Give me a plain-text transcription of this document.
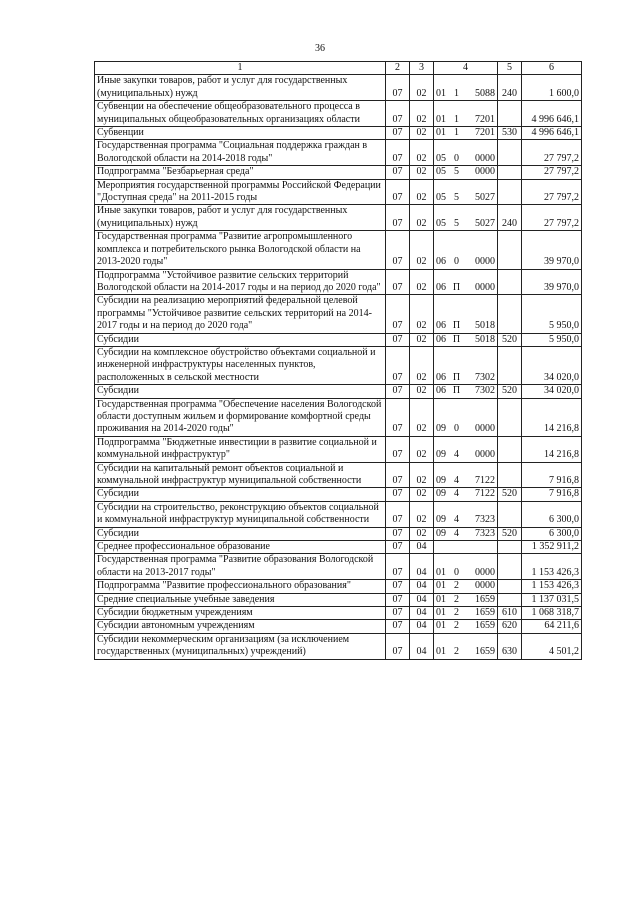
36
1	2	3	4	5	6
Иные закупки товаров, работ и услуг для государственных (муниципальных) нужд	07	02	01 1 5088	240	1 600,0
Субвенции на обеспечение общеобразовательного процесса в муниципальных общеобразовательных организациях области	07	02	01 1 7201		4 996 646,1
Субвенции	07	02	01 1 7201	530	4 996 646,1
Государственная программа "Социальная поддержка граждан в Вологодской области на 2014-2018 годы"	07	02	05 0 0000		27 797,2
Подпрограмма "Безбарьерная среда"	07	02	05 5 0000		27 797,2
Мероприятия государственной программы Российской Федерации "Доступная среда" на 2011-2015 годы	07	02	05 5 5027		27 797,2
Иные закупки товаров, работ и услуг для государственных (муниципальных) нужд	07	02	05 5 5027	240	27 797,2
Государственная программа "Развитие агропромышленного комплекса и потребительского рынка Вологодской области на 2013-2020 годы"	07	02	06 0 0000		39 970,0
Подпрограмма "Устойчивое развитие сельских территорий Вологодской области на 2014-2017 годы и на период до 2020 года"	07	02	06 П 0000		39 970,0
Субсидии на реализацию мероприятий федеральной целевой программы "Устойчивое развитие сельских территорий на 2014-2017 годы и на период до 2020 года"	07	02	06 П 5018		5 950,0
Субсидии	07	02	06 П 5018	520	5 950,0
Субсидии на комплексное обустройство объектами социальной и инженерной инфраструктуры населенных пунктов, расположенных в сельской местности	07	02	06 П 7302		34 020,0
Субсидии	07	02	06 П 7302	520	34 020,0
Государственная программа "Обеспечение населения Вологодской области доступным жильем и формирование комфортной среды проживания на 2014-2020 годы"	07	02	09 0 0000		14 216,8
Подпрограмма "Бюджетные инвестиции в развитие социальной и коммунальной инфраструктур"	07	02	09 4 0000		14 216,8
Субсидии на капитальный ремонт объектов социальной и коммунальной инфраструктур муниципальной собственности	07	02	09 4 7122		7 916,8
Субсидии	07	02	09 4 7122	520	7 916,8
Субсидии на строительство, реконструкцию объектов социальной и коммунальной инфраструктур муниципальной собственности	07	02	09 4 7323		6 300,0
Субсидии	07	02	09 4 7323	520	6 300,0
Среднее профессиональное образование	07	04			1 352 911,2
Государственная программа "Развитие образования Вологодской области на 2013-2017 годы"	07	04	01 0 0000		1 153 426,3
Подпрограмма "Развитие профессионального образования"	07	04	01 2 0000		1 153 426,3
Средние специальные учебные заведения	07	04	01 2 1659		1 137 031,5
Субсидии бюджетным учреждениям	07	04	01 2 1659	610	1 068 318,7
Субсидии автономным учреждениям	07	04	01 2 1659	620	64 211,6
Субсидии некоммерческим организациям (за исключением государственных (муниципальных) учреждений)	07	04	01 2 1659	630	4 501,2
